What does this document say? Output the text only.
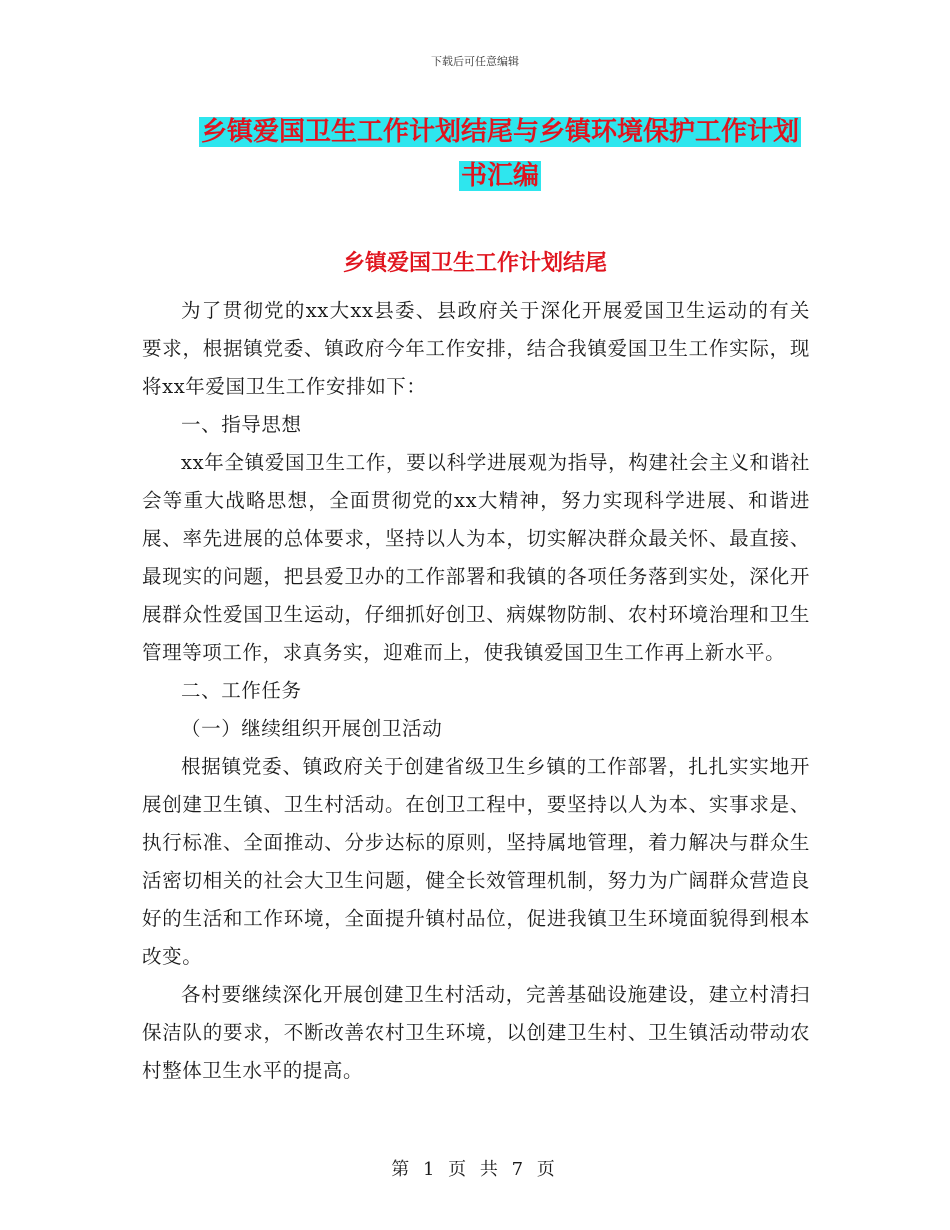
下载后可任意编辑
乡镇爱国卫生工作计划结尾与乡镇环境保护工作计划
书汇编
乡镇爱国卫生工作计划结尾

为了贯彻党的xx大xx县委、县政府关于深化开展爱国卫生运动的有关要求，根据镇党委、镇政府今年工作安排，结合我镇爱国卫生工作实际，现将xx年爱国卫生工作安排如下：

一、指导思想

xx年全镇爱国卫生工作，要以科学进展观为指导，构建社会主义和谐社会等重大战略思想，全面贯彻党的xx大精神，努力实现科学进展、和谐进展、率先进展的总体要求，坚持以人为本，切实解决群众最关怀、最直接、最现实的问题，把县爱卫办的工作部署和我镇的各项任务落到实处，深化开展群众性爱国卫生运动，仔细抓好创卫、病媒物防制、农村环境治理和卫生管理等项工作，求真务实，迎难而上，使我镇爱国卫生工作再上新水平。

二、工作任务

（一）继续组织开展创卫活动

根据镇党委、镇政府关于创建省级卫生乡镇的工作部署，扎扎实实地开展创建卫生镇、卫生村活动。在创卫工程中，要坚持以人为本、实事求是、执行标准、全面推动、分步达标的原则，坚持属地管理，着力解决与群众生活密切相关的社会大卫生问题，健全长效管理机制，努力为广阔群众营造良好的生活和工作环境，全面提升镇村品位，促进我镇卫生环境面貌得到根本改变。

各村要继续深化开展创建卫生村活动，完善基础设施建设，建立村清扫保洁队的要求，不断改善农村卫生环境，以创建卫生村、卫生镇活动带动农村整体卫生水平的提高。

第 1 页 共 7 页
